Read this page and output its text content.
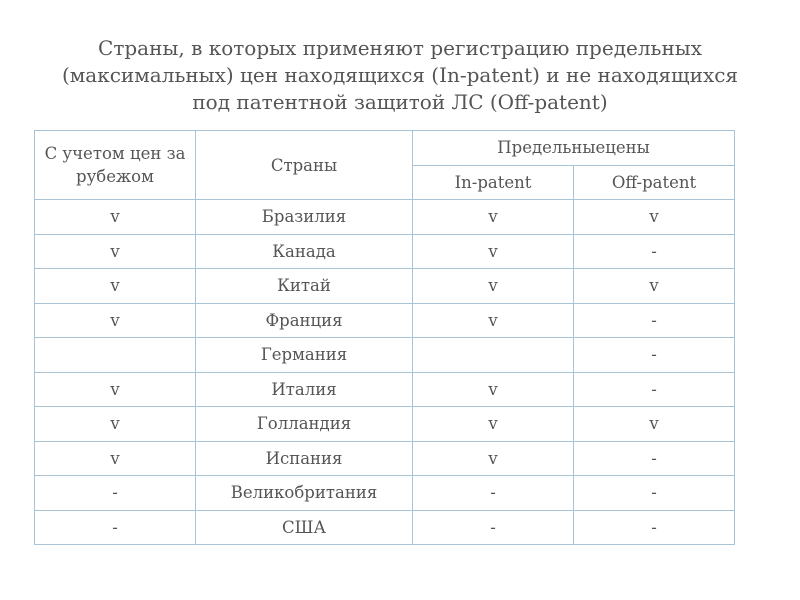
Страны, в которых применяют регистрацию предельных
(максимальных) цен находящихся (In-patent) и не находящихся
под патентной защитой ЛС (Off-patent)
С учетом цен за рубежом	Страны	Предельныецены	
		In-patent	Off-patent
v	Бразилия	v	v
v	Канада	v	-
v	Китай	v	v
v	Франция	v	-
	Германия		-
v	Италия	v	-
v	Голландия	v	v
v	Испания	v	-
-	Великобритания	-	-
-	США	-	-
